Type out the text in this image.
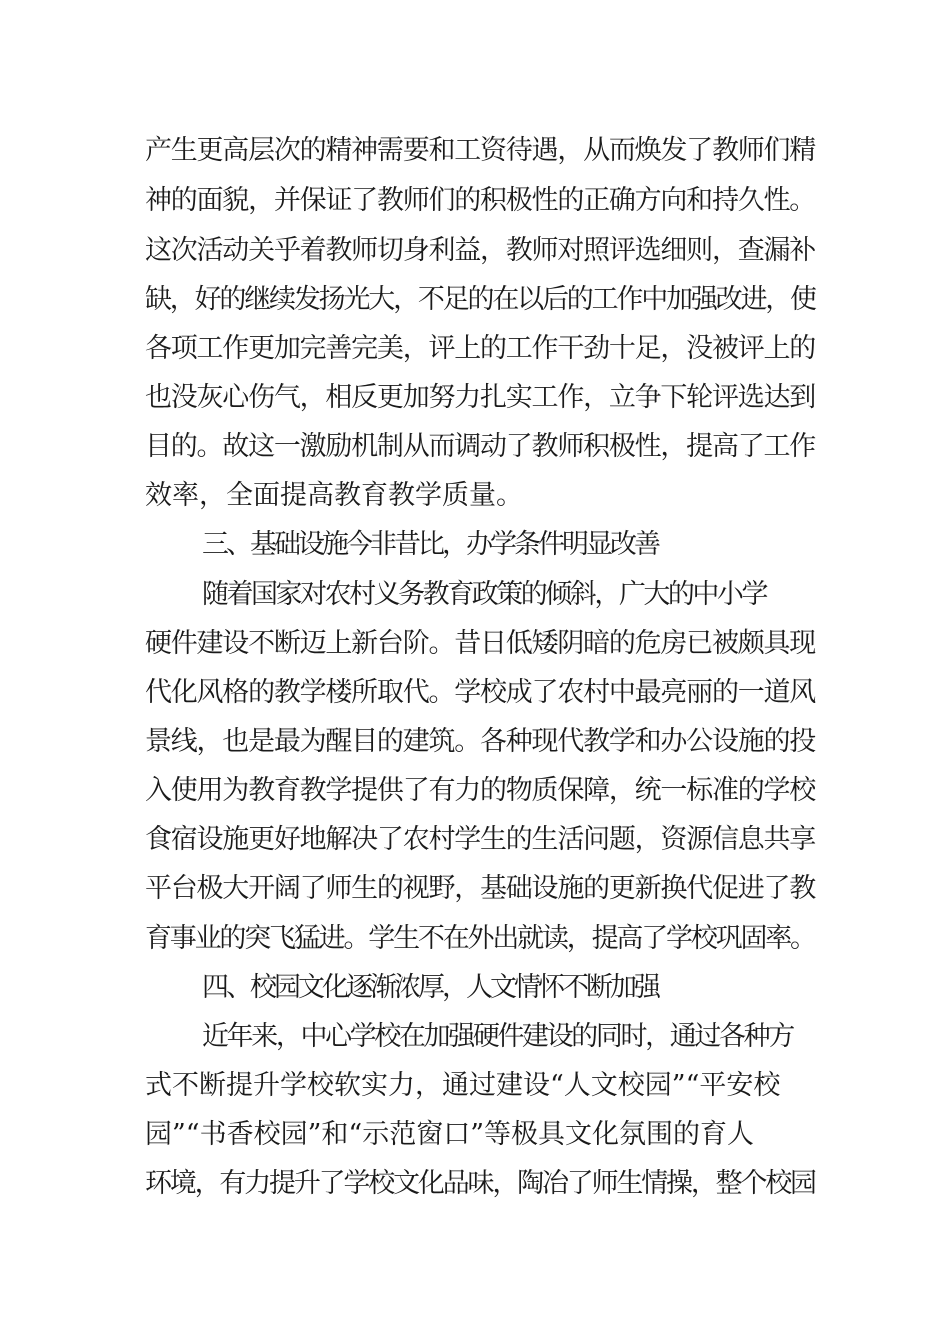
产生更高层次的精神需要和工资待遇，从而焕发了教师们精
神的面貌，并保证了教师们的积极性的正确方向和持久性。
这次活动关乎着教师切身利益，教师对照评选细则，查漏补
缺，好的继续发扬光大，不足的在以后的工作中加强改进，使
各项工作更加完善完美，评上的工作干劲十足，没被评上的
也没灰心伤气，相反更加努力扎实工作，立争下轮评选达到
目的。故这一激励机制从而调动了教师积极性，提高了工作
效率，全面提高教育教学质量。
三、基础设施今非昔比，办学条件明显改善
随着国家对农村义务教育政策的倾斜，广大的中小学
硬件建设不断迈上新台阶。昔日低矮阴暗的危房已被颇具现
代化风格的教学楼所取代。学校成了农村中最亮丽的一道风
景线，也是最为醒目的建筑。各种现代教学和办公设施的投
入使用为教育教学提供了有力的物质保障，统一标准的学校
食宿设施更好地解决了农村学生的生活问题，资源信息共享
平台极大开阔了师生的视野，基础设施的更新换代促进了教
育事业的突飞猛进。学生不在外出就读，提高了学校巩固率。
四、校园文化逐渐浓厚，人文情怀不断加强
近年来，中心学校在加强硬件建设的同时，通过各种方
式不断提升学校软实力，通过建设“人文校园”“平安校
园”“书香校园”和“示范窗口”等极具文化氛围的育人
环境，有力提升了学校文化品味，陶冶了师生情操，整个校园
